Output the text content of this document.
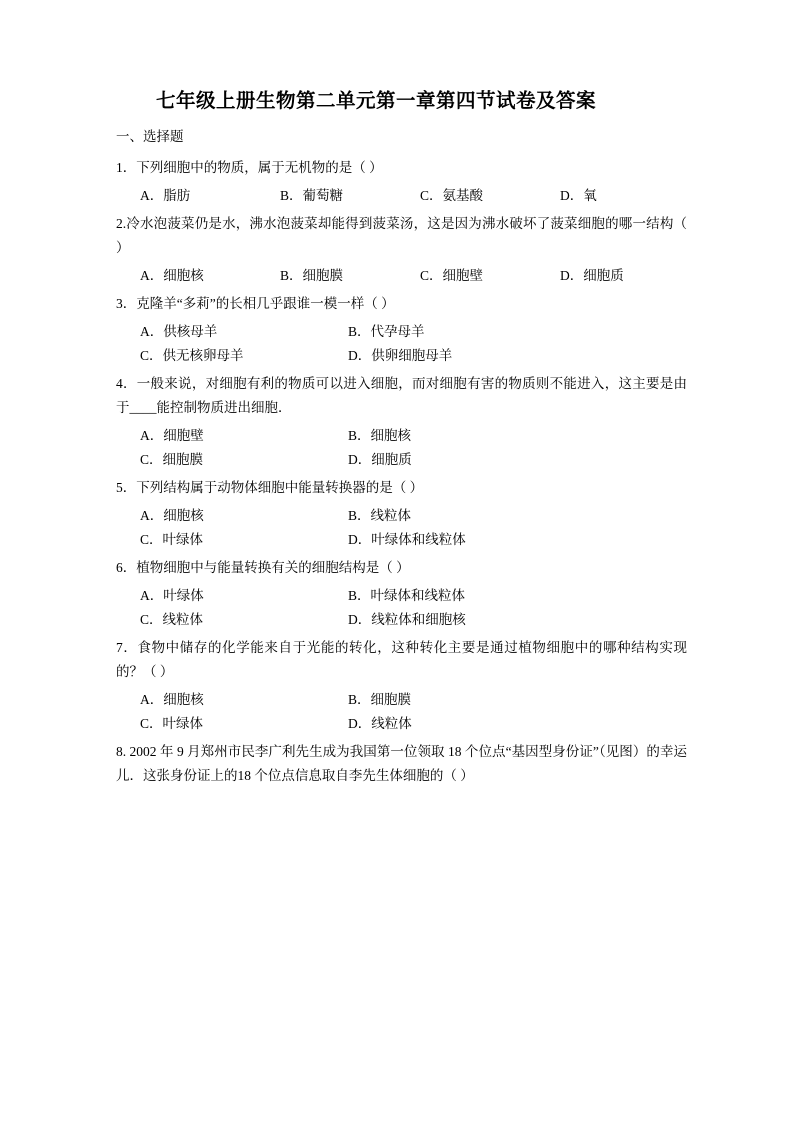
七年级上册生物第二单元第一章第四节试卷及答案
一、选择题
1．下列细胞中的物质，属于无机物的是（ ）
A．脂肪	B．葡萄糖	C．氨基酸	D．氧
2.冷水泡菠菜仍是水，沸水泡菠菜却能得到菠菜汤，这是因为沸水破坏了菠菜细胞的哪一结构（ ）
A．细胞核	B．细胞膜	C．细胞壁	D．细胞质
3．克隆羊“多莉”的长相几乎跟谁一模一样（ ）
A．供核母羊	B．代孕母羊
C．供无核卵母羊	D．供卵细胞母羊
4．一般来说，对细胞有利的物质可以进入细胞，而对细胞有害的物质则不能进入，这主要是由于____能控制物质进出细胞．
A．细胞壁	B．细胞核
C．细胞膜	D．细胞质
5．下列结构属于动物体细胞中能量转换器的是（ ）
A．细胞核	B．线粒体
C．叶绿体	D．叶绿体和线粒体
6．植物细胞中与能量转换有关的细胞结构是（ ）
A．叶绿体	B．叶绿体和线粒体
C．线粒体	D．线粒体和细胞核
7．食物中储存的化学能来自于光能的转化，这种转化主要是通过植物细胞中的哪种结构实现的？（ ）
A．细胞核	B．细胞膜
C．叶绿体	D．线粒体
8. 2002 年 9 月郑州市民李广利先生成为我国第一位领取 18 个位点“基因型身份证”（见图）的幸运儿．这张身份证上的18 个位点信息取自李先生体细胞的（ ）
